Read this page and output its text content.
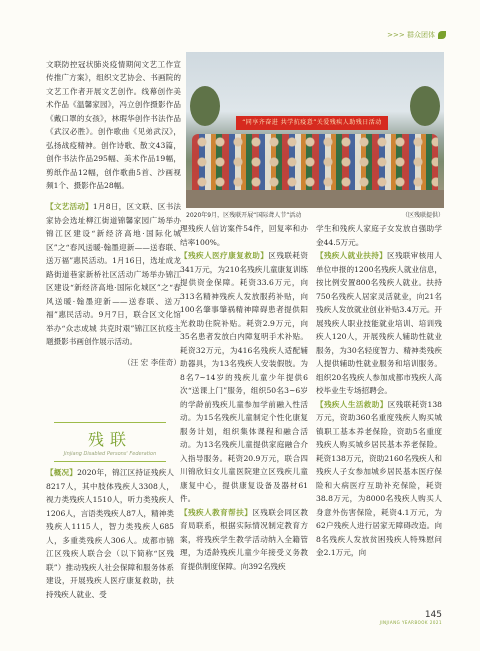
>>> 群众团体

文联防控冠状肺炎疫情期间文艺工作宣传推广方案》，组织文艺协会、书画院的文艺工作者开展文艺创作。线幕创作美术作品《温馨家园》，冯立创作摄影作品《戴口罩的女孩》，林瑕华创作书法作品《武汉必胜》。创作歌曲《见弟武汉》，弘扬战疫精神。创作诗歌、散文43篇，创作书法作品295幅、美术作品19幅，剪纸作品12幅，创作歌曲5首、沙画视频1个、摄影作品28幅。

【文艺活动】1月8日，区文联、区书法家协会选址柳江街道锦馨家园广场举办锦江区建设“新经济高地·国际化城区”之“春风送暖·翰墨迎新——送春联、送万福”惠民活动。1月16日，选址成龙路街道巷家新桥社区活动广场举办锦江区建设“新经济高地·国际化城区”之“春风送暖·翰墨迎新——送春联、送万福”惠民活动。9月7日，联合区文化馆举办“众志成城 共克时艰”锦江区抗疫主题摄影书画创作展示活动。

（汪 宏 李佳奇）

“同享齐奋进 共学抗疫意”关爱残疾人助残日活动
2020年9月，区残联开展“国际聋人节”活动	（区残联提供）
残联
Jinjiang Disabled Persons' Federation

【概况】2020年，锦江区持证残疾人8217人，其中肢体残疾人3308人，视力类残疾人1510人，听力类残疾人1206人，言语类残疾人87人，精神类残疾人1115人，智力类残疾人685人，多重类残疾人306人。成都市锦江区残疾人联合会（以下简称“区残联”）推动残疾人社会保障和服务体系建设，开展残疾人医疗康复救助，扶持残疾人就业、受

理残疾人信访案件54件，回复率和办结率100%。

【残疾人医疗康复救助】区残联耗资341万元，为210名残疾儿童康复训练提供资金保障。耗资33.6万元，向313名精神残疾人发放服药补贴，向100名肇事肇祸精神障碍患者提供阳光救助住院补贴。耗资2.9万元，向35名患者发放白内障复明手术补贴。耗资32万元，为416名残疾人适配辅助器具，为13名残疾人安装假肢。为8名7~14岁的残疾儿童少年提供6次“送课上门”服务，组织50名3~6岁的学龄前残疾儿童参加学前融入性活动。为15名残疾儿童制定个性化康复服务计划，组织集体课程和融合活动。为13名残疾儿童提供家庭融合介入指导服务。耗资20.9万元，联合四川锦欣妇女儿童医院建立区残疾儿童康复中心，提供康复设备及器材61件。

【残疾人教育帮扶】区残联会同区教育局联系，根据实际情况制定教育方案，将残疾学生教学活动纳入全籍管理，为适龄残疾儿童少年接受义务教育提供制度保障。向392名残疾

学生和残疾人家庭子女发放自强助学金44.5万元。

【残疾人就业扶持】区残联审核用人单位申报的1200名残疾人就业信息，按比例安置800名残疾人就业。扶持750名残疾人居家灵活就业，向21名残疾人发放就业创业补贴3.4万元。开展残疾人职业技能就业培训、培训残疾人120人，开展残疾人辅助性就业服务，为30名轻度智力、精神类残疾人提供辅助性就业服务和培训服务。组织20名残疾人参加成都市残疾人高校毕业生专场招聘会。

【残疾人生活救助】区残联耗资138万元，资助360名重度残疾人购买城镇职工基本养老保险，资助5名重度残疾人购买城乡居民基本养老保险。耗资138万元，资助2160名残疾人和残疾人子女参加城乡居民基本医疗保险和大病医疗互助补充保险，耗资38.8万元，为8000名残疾人购买人身意外伤害保险，耗资4.1万元，为62户残疾人进行居家无障碍改造。向8名残疾人发放贫困残疾人特殊慰问金2.1万元，向

145
JINJIANG YEARBOOK 2021
